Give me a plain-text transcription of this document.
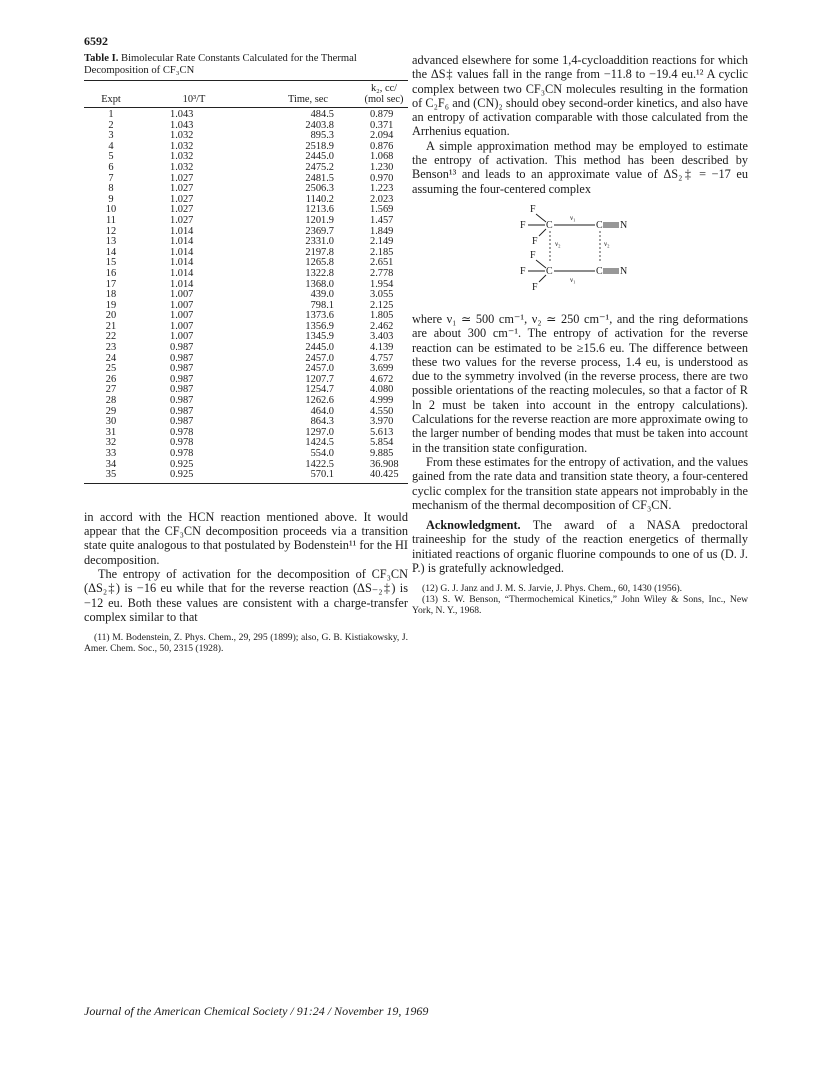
6592
Table I. Bimolecular Rate Constants Calculated for the Thermal Decomposition of CF₃CN
Expt	10³/T	Time, sec	k₂, cc/ (mol sec)
1	1.043	484.5	0.879
2	1.043	2403.8	0.371
3	1.032	895.3	2.094
4	1.032	2518.9	0.876
5	1.032	2445.0	1.068
6	1.032	2475.2	1.230
7	1.027	2481.5	0.970
8	1.027	2506.3	1.223
9	1.027	1140.2	2.023
10	1.027	1213.6	1.569
11	1.027	1201.9	1.457
12	1.014	2369.7	1.849
13	1.014	2331.0	2.149
14	1.014	2197.8	2.185
15	1.014	1265.8	2.651
16	1.014	1322.8	2.778
17	1.014	1368.0	1.954
18	1.007	439.0	3.055
19	1.007	798.1	2.125
20	1.007	1373.6	1.805
21	1.007	1356.9	2.462
22	1.007	1345.9	3.403
23	0.987	2445.0	4.139
24	0.987	2457.0	4.757
25	0.987	2457.0	3.699
26	0.987	1207.7	4.672
27	0.987	1254.7	4.080
28	0.987	1262.6	4.999
29	0.987	464.0	4.550
30	0.987	864.3	3.970
31	0.978	1297.0	5.613
32	0.978	1424.5	5.854
33	0.978	554.0	9.885
34	0.925	1422.5	36.908
35	0.925	570.1	40.425

in accord with the HCN reaction mentioned above. It would appear that the CF₃CN decomposition proceeds via a transition state quite analogous to that postulated by Bodenstein¹¹ for the HI decomposition.

The entropy of activation for the decomposition of CF₃CN (ΔS₂‡) is −16 eu while that for the reverse reaction (ΔS₋₂‡) is −12 eu. Both these values are consistent with a charge-transfer complex similar to that

(11) M. Bodenstein, Z. Phys. Chem., 29, 295 (1899); also, G. B. Kistiakowsky, J. Amer. Chem. Soc., 50, 2315 (1928).

advanced elsewhere for some 1,4-cycloaddition reactions for which the ΔS‡ values fall in the range from −11.8 to −19.4 eu.¹² A cyclic complex between two CF₃CN molecules resulting in the formation of C₂F₆ and (CN)₂ should obey second-order kinetics, and also have an entropy of activation comparable with those calculated from the Arrhenius equation.

A simple approximation method may be employed to estimate the entropy of activation. This method has been described by Benson¹³ and leads to an approximate value of ΔS₂‡ = −17 eu assuming the four-centered complex

F
F C	C N
F
F
F C	C N
F
ν₁
ν₁
ν₂	ν₂

where ν₁ ≃ 500 cm⁻¹, ν₂ ≃ 250 cm⁻¹, and the ring deformations are about 300 cm⁻¹. The entropy of activation for the reverse reaction can be estimated to be ≥15.6 eu. The difference between these two values for the reverse process, 1.4 eu, is understood as due to the symmetry involved (in the reverse process, there are two possible orientations of the reacting molecules, so that a factor of R ln 2 must be taken into account in the entropy calculations). Calculations for the reverse reaction are more approximate owing to the larger number of bending modes that must be taken into account in the transition state configuration.

From these estimates for the entropy of activation, and the values gained from the rate data and transition state theory, a four-centered cyclic complex for the transition state appears not improbably in the mechanism of the thermal decomposition of CF₃CN.

Acknowledgment. The award of a NASA predoctoral traineeship for the study of the reaction energetics of thermally initiated reactions of organic fluorine compounds to one of us (D. J. P.) is gratefully acknowledged.

(12) G. J. Janz and J. M. S. Jarvie, J. Phys. Chem., 60, 1430 (1956).

(13) S. W. Benson, “Thermochemical Kinetics,” John Wiley & Sons, Inc., New York, N. Y., 1968.

Journal of the American Chemical Society / 91:24 / November 19, 1969
